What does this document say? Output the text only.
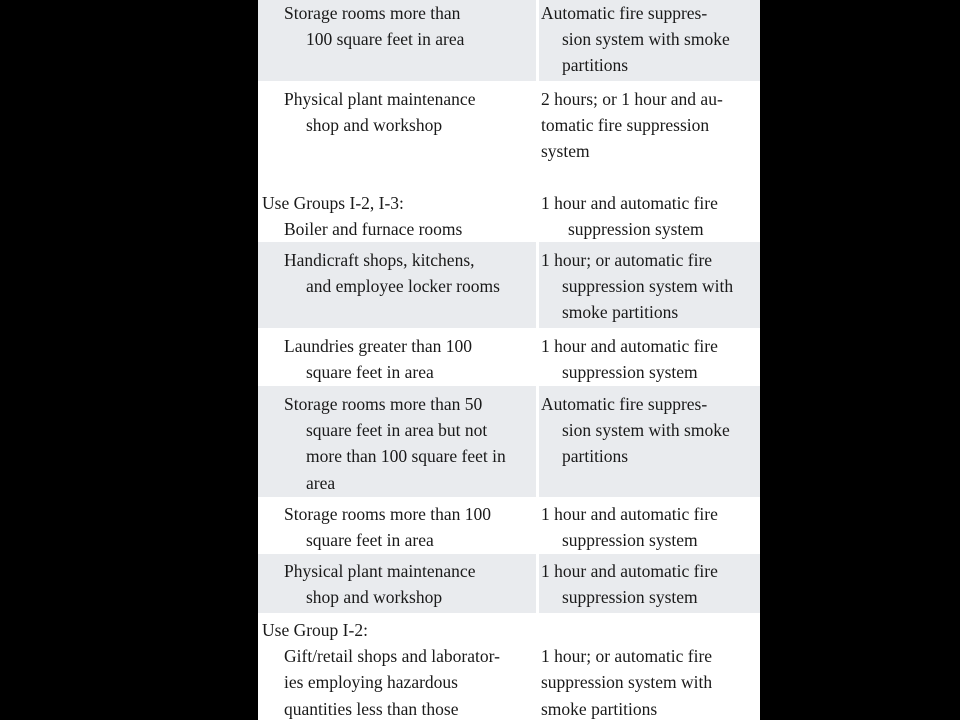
Storage rooms more than
100 square feet in area
Automatic fire suppres-
sion system with smoke
partitions
Physical plant maintenance
shop and workshop
2 hours; or 1 hour and au-
tomatic fire suppression
system
Use Groups I-2, I-3:
Boiler and furnace rooms
1 hour and automatic fire
suppression system
Handicraft shops, kitchens,
and employee locker rooms
1 hour; or automatic fire
suppression system with
smoke partitions
Laundries greater than 100
square feet in area
1 hour and automatic fire
suppression system
Storage rooms more than 50
square feet in area but not
more than 100 square feet in
area
Automatic fire suppres-
sion system with smoke
partitions
Storage rooms more than 100
square feet in area
1 hour and automatic fire
suppression system
Physical plant maintenance
shop and workshop
1 hour and automatic fire
suppression system
Use Group I-2:
Gift/retail shops and laborator-
ies employing hazardous
quantities less than those
1 hour; or automatic fire
suppression system with
smoke partitions
